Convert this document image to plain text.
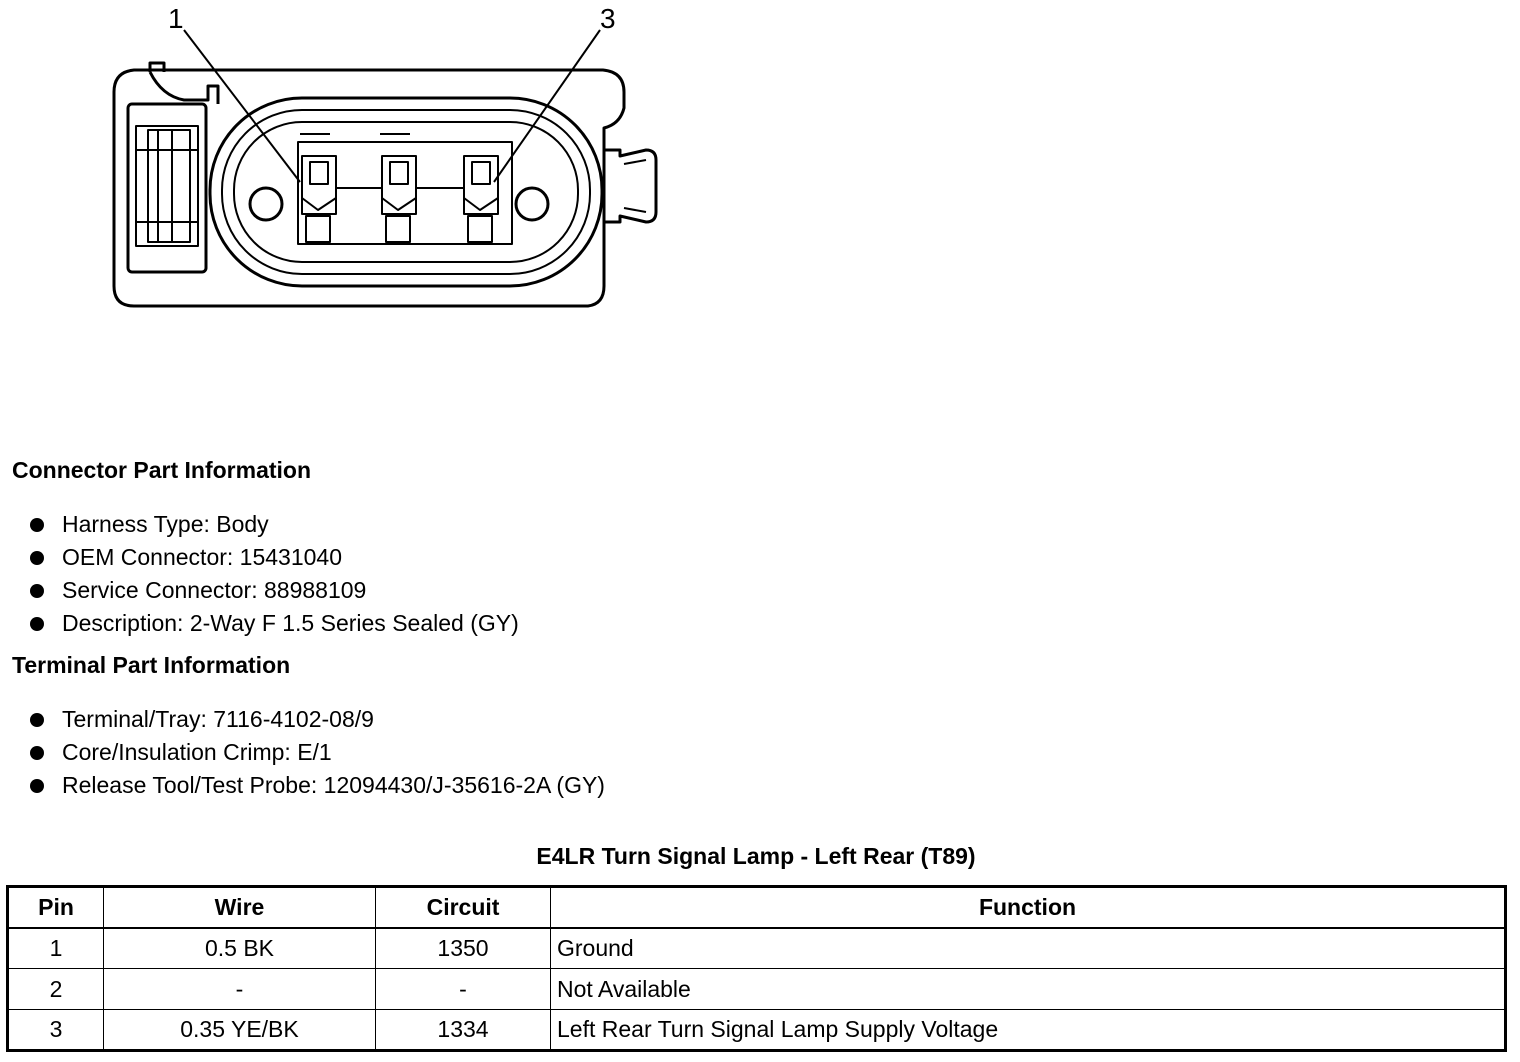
1	3
Connector Part Information
Harness Type: Body
OEM Connector: 15431040
Service Connector: 88988109
Description: 2-Way F 1.5 Series Sealed (GY)
Terminal Part Information
Terminal/Tray: 7116-4102-08/9
Core/Insulation Crimp: E/1
Release Tool/Test Probe: 12094430/J-35616-2A (GY)
E4LR Turn Signal Lamp - Left Rear (T89)
Pin	Wire	Circuit	Function
1	0.5 BK	1350	Ground
2	-	-	Not Available
3	0.35 YE/BK	1334	Left Rear Turn Signal Lamp Supply Voltage
